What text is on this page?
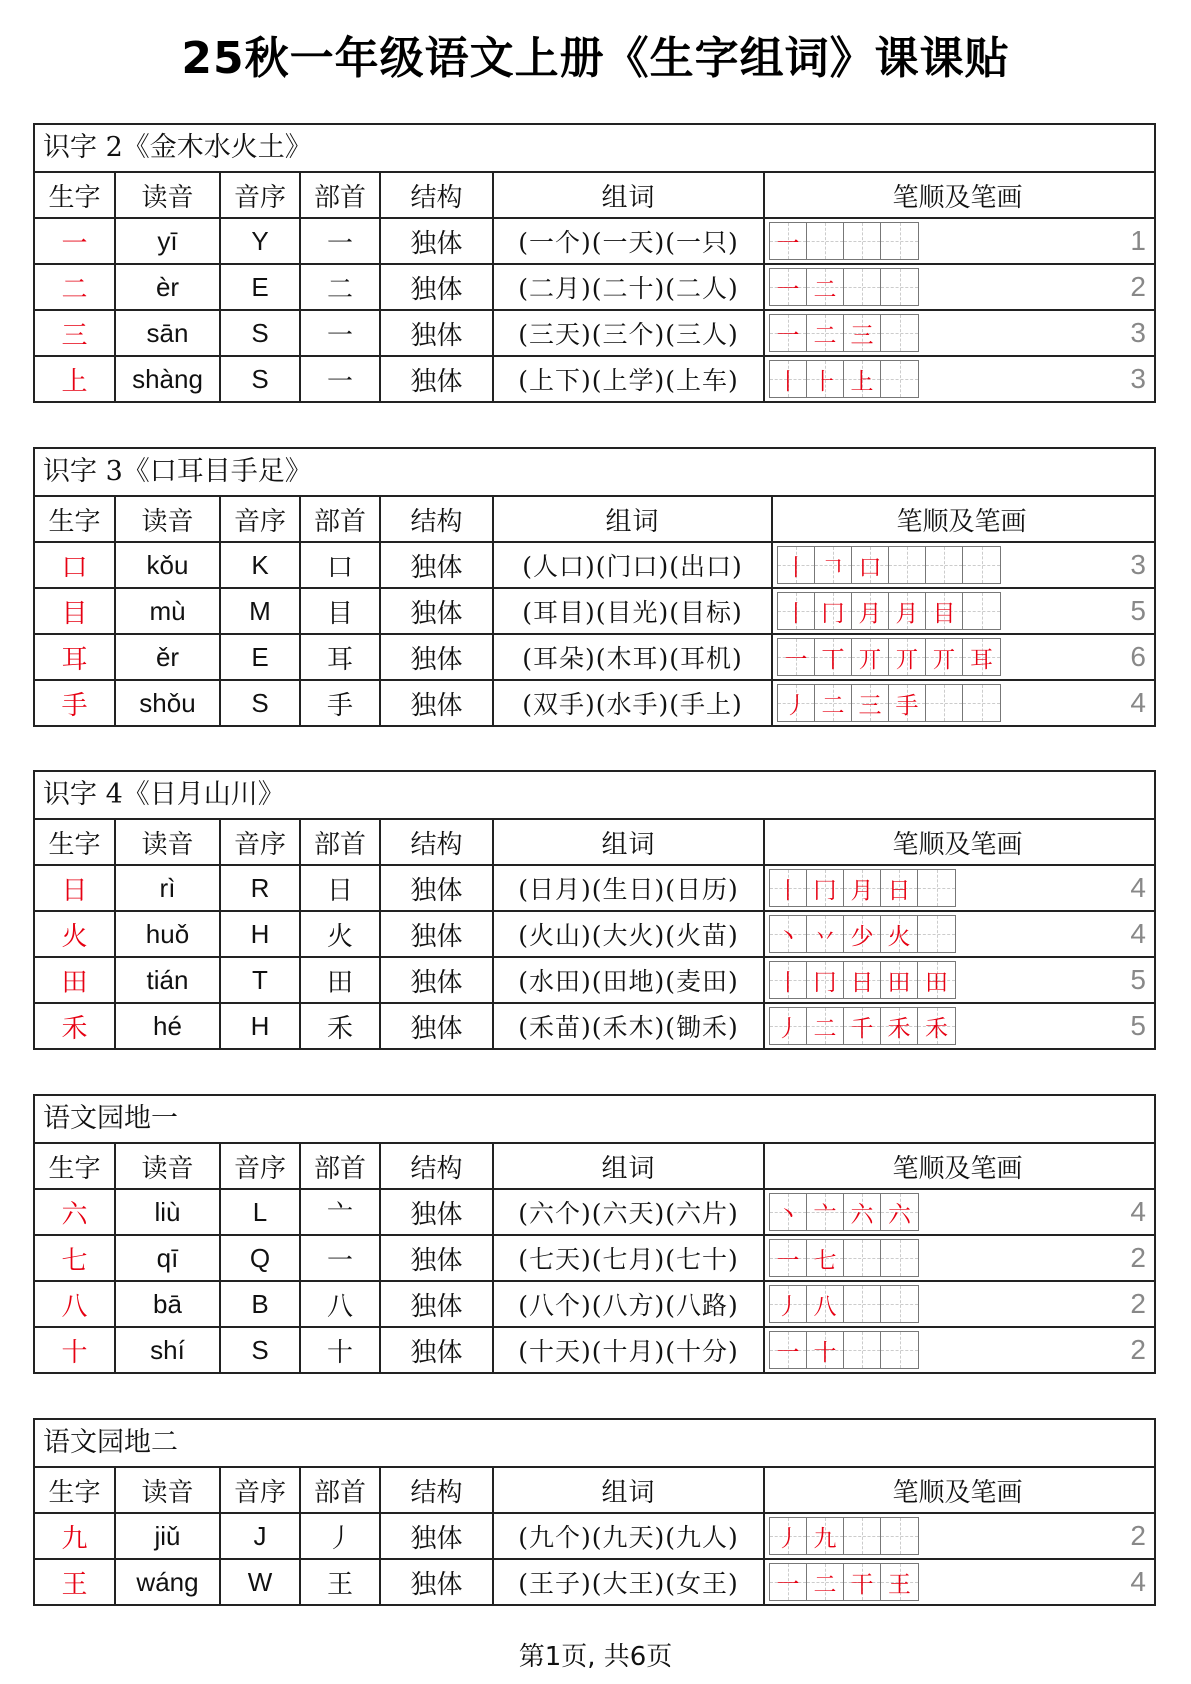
25秋一年级语文上册《生字组词》课课贴
识字 2《金木水火土》
生字	读音	音序	部首	结构	组词	笔顺及笔画
一	yī	Y	一	独体	(一个)(一天)(一只)	一	1
二	èr	E	二	独体	(二月)(二十)(二人)	一 二	2
三	sān	S	一	独体	(三天)(三个)(三人)	一 二 三	3
上	shàng	S	一	独体	(上下)(上学)(上车)	丨 ⺊ 上	3
识字 3《口耳目手足》
生字	读音	音序	部首	结构	组词	笔顺及笔画
口	kǒu	K	口	独体	(人口)(门口)(出口)	丨 𠃍 口	3
目	mù	M	目	独体	(耳目)(目光)(目标)	丨 冂 月 月 目	5
耳	ěr	E	耳	独体	(耳朵)(木耳)(耳机)	一 丅 丌 丌 丌 耳	6
手	shǒu	S	手	独体	(双手)(水手)(手上)	丿 二 三 手	4
识字 4《日月山川》
生字	读音	音序	部首	结构	组词	笔顺及笔画
日	rì	R	日	独体	(日月)(生日)(日历)	丨 冂 月 日	4
火	huǒ	H	火	独体	(火山)(大火)(火苗)	丶 丷 少 火	4
田	tián	T	田	独体	(水田)(田地)(麦田)	丨 冂 日 田 田	5
禾	hé	H	禾	独体	(禾苗)(禾木)(锄禾)	丿 二 千 禾 禾	5
语文园地一
生字	读音	音序	部首	结构	组词	笔顺及笔画
六	liù	L	亠	独体	(六个)(六天)(六片)	丶 亠 六 六	4
七	qī	Q	一	独体	(七天)(七月)(七十)	一 七	2
八	bā	B	八	独体	(八个)(八方)(八路)	丿 八	2
十	shí	S	十	独体	(十天)(十月)(十分)	一 十	2
语文园地二
生字	读音	音序	部首	结构	组词	笔顺及笔画
九	jiǔ	J	丿	独体	(九个)(九天)(九人)	丿 九	2
王	wáng	W	王	独体	(王子)(大王)(女王)	一 二 干 王	4
第1页, 共6页
